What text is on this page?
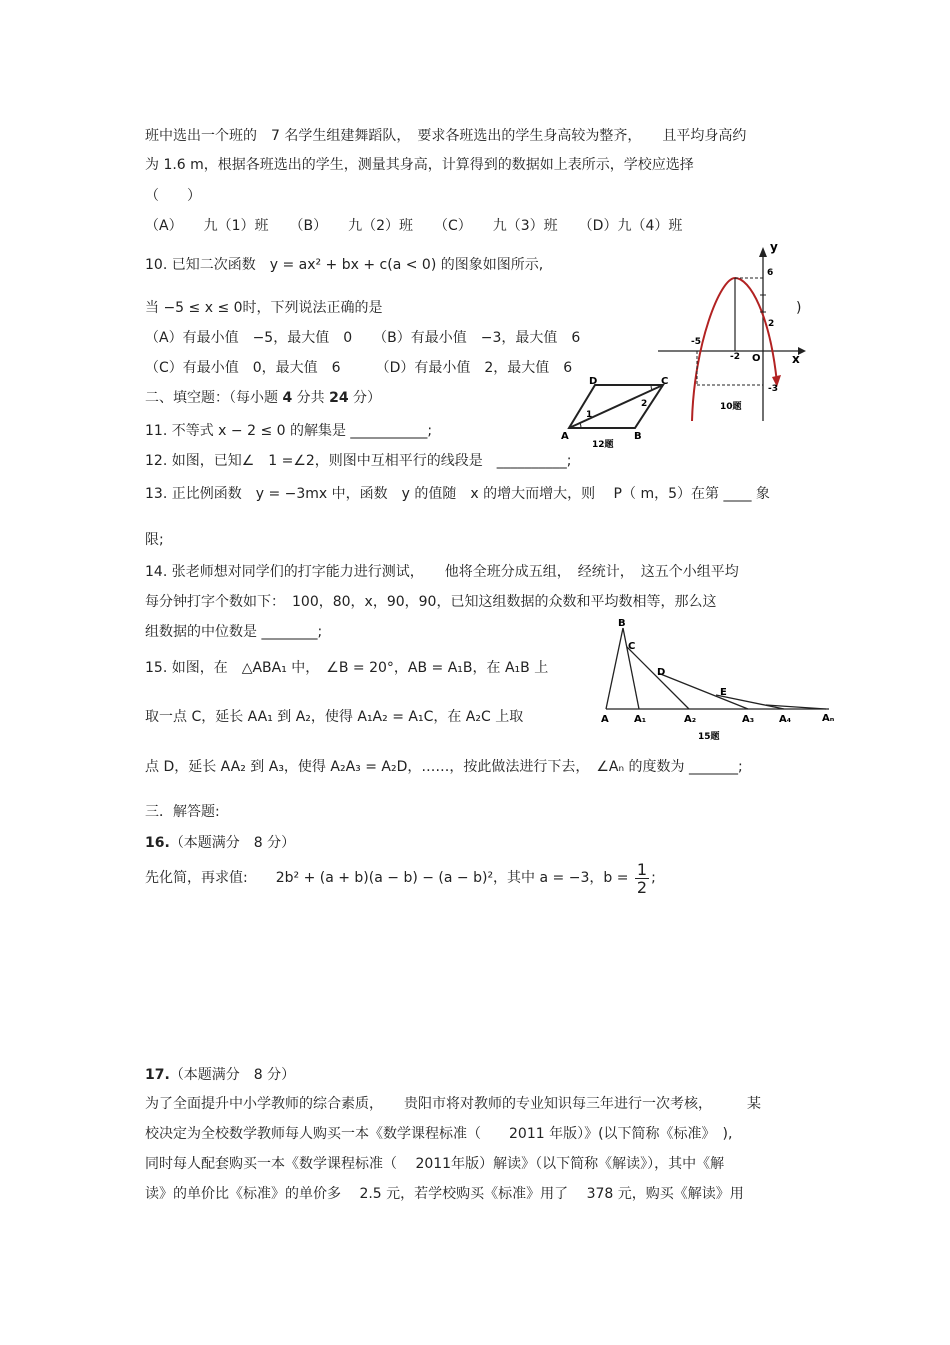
班中选出一个班的　7 名学生组建舞蹈队，　要求各班选出的学生身高较为整齐，　　且平均身高约
为 1.6 m，根据各班选出的学生，测量其身高，计算得到的数据如上表所示，学校应选择
（　　）
（A）　　九（1）班　　（B）　　九（2）班　　（C）　　九（3）班　　（D）九（4）班
10. 已知二次函数　y = ax² + bx + c(a < 0) 的图象如图所示,
当 −5 ≤ x ≤ 0时，下列说法正确的是	)
（A）有最小值　−5，最大值　0　　（B）有最小值　−3，最大值　6
（C）有最小值　0，最大值　6　　　（D）有最小值　2，最大值　6
二、填空题：（每小题 4 分共 24 分）
11. 不等式 x − 2 ≤ 0 的解集是 ___________;
12. 如图，已知∠　1 =∠2，则图中互相平行的线段是　__________;
13. 正比例函数　y = −3mx 中，函数　y 的值随　x 的增大而增大，则　 P（ m，5）在第 ____ 象
限;
14. 张老师想对同学们的打字能力进行测试，　　他将全班分成五组，　经统计，　这五个小组平均
每分钟打字个数如下：　100，80，x，90，90，已知这组数据的众数和平均数相等，那么这
组数据的中位数是 ________;
15. 如图，在　△ABA₁ 中，　∠B = 20°，AB = A₁B，在 A₁B 上
取一点 C，延长 AA₁ 到 A₂，使得 A₁A₂ = A₁C，在 A₂C 上取
点 D，延长 AA₂ 到 A₃，使得 A₂A₃ = A₂D，……，按此做法进行下去，　∠Aₙ 的度数为 _______;
三．解答题:
16.（本题满分　8 分）
先化简，再求值:　　2b² + (a + b)(a − b) − (a − b)²，其中 a = −3，$b = \frac{1}{2}$ ;
17.（本题满分　8 分）
为了全面提升中小学教师的综合素质，　　贵阳市将对教师的专业知识每三年进行一次考核，　　　某
校决定为全校数学教师每人购买一本《数学课程标准（　　2011 年版）》(以下简称《标准》　),
同时每人配套购买一本《数学课程标准（　 2011年版）解读》（以下简称《解读》），其中《解
读》的单价比《标准》的单价多　 2.5 元，若学校购买《标准》用了　 378 元，购买《解读》用
y
x
6
2
-3
-5
-2 O
10题
A	B
C
D
1
2
12题
B
C
D
E
A	A₁	A₂	A₃ A₄	Aₙ
15题
